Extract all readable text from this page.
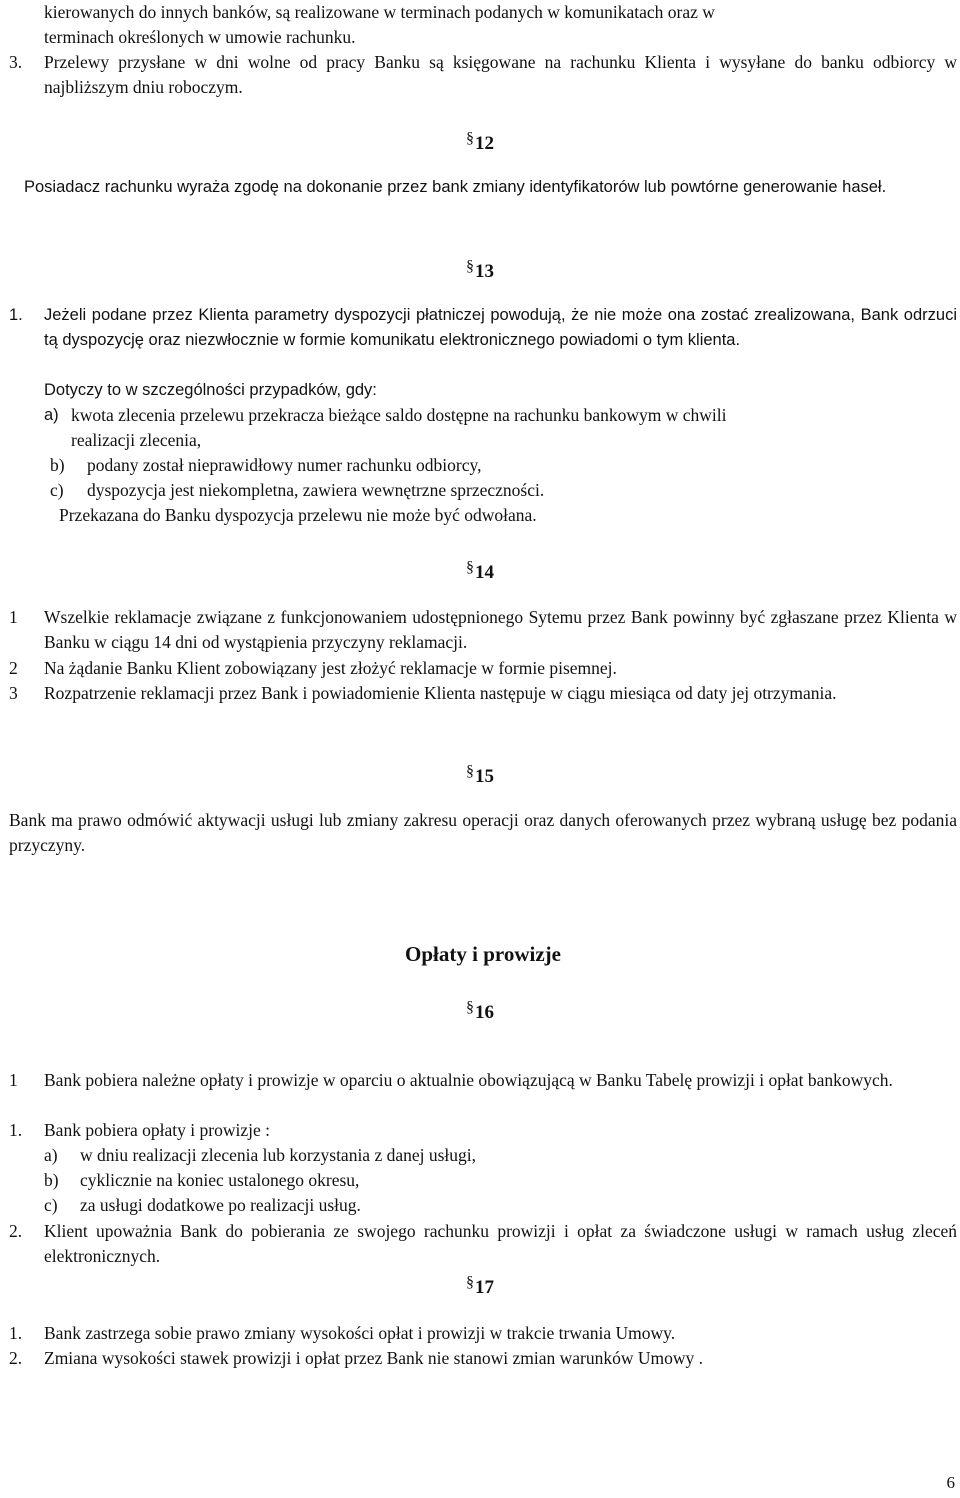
kierowanych do innych banków, są realizowane w terminach podanych w komunikatach oraz w
terminach określonych w umowie rachunku.
3. Przelewy przysłane w dni wolne od pracy Banku są księgowane na rachunku Klienta i wysyłane do banku odbiorcy w najbliższym dniu roboczym.
§12
Posiadacz rachunku wyraża zgodę na dokonanie przez bank zmiany identyfikatorów lub powtórne generowanie haseł.
§13
1. Jeżeli podane przez Klienta parametry dyspozycji płatniczej powodują, że nie może ona zostać zrealizowana, Bank odrzuci tą dyspozycję oraz niezwłocznie w formie komunikatu elektronicznego powiadomi o tym klienta.
Dotyczy to w szczególności przypadków, gdy:
a) kwota zlecenia przelewu przekracza bieżące saldo dostępne na rachunku bankowym w chwili
realizacji zlecenia,
b) podany został nieprawidłowy numer rachunku odbiorcy,
c) dyspozycja jest niekompletna, zawiera wewnętrzne sprzeczności.
Przekazana do Banku dyspozycja przelewu nie może być odwołana.
§14
1 Wszelkie reklamacje związane z funkcjonowaniem udostępnionego Sytemu przez Bank powinny być zgłaszane przez Klienta w Banku w ciągu 14 dni od wystąpienia przyczyny reklamacji.
2 Na żądanie Banku Klient zobowiązany jest złożyć reklamacje w formie pisemnej.
3 Rozpatrzenie reklamacji przez Bank i powiadomienie Klienta następuje w ciągu miesiąca od daty jej otrzymania.
§15
Bank ma prawo odmówić aktywacji usługi lub zmiany zakresu operacji oraz danych oferowanych przez wybraną usługę bez podania przyczyny.
Opłaty i prowizje
§16
1 Bank pobiera należne opłaty i prowizje w oparciu o aktualnie obowiązującą w Banku Tabelę prowizji i opłat bankowych.
1. Bank pobiera opłaty i prowizje :
a) w dniu realizacji zlecenia lub korzystania z danej usługi,
b) cyklicznie na koniec ustalonego okresu,
c) za usługi dodatkowe po realizacji usług.
2. Klient upoważnia Bank do pobierania ze swojego rachunku prowizji i opłat za świadczone usługi w ramach usług zleceń elektronicznych.
§17
1. Bank zastrzega sobie prawo zmiany wysokości opłat i prowizji w trakcie trwania Umowy.
2. Zmiana wysokości stawek prowizji i opłat przez Bank nie stanowi zmian warunków Umowy .
6
